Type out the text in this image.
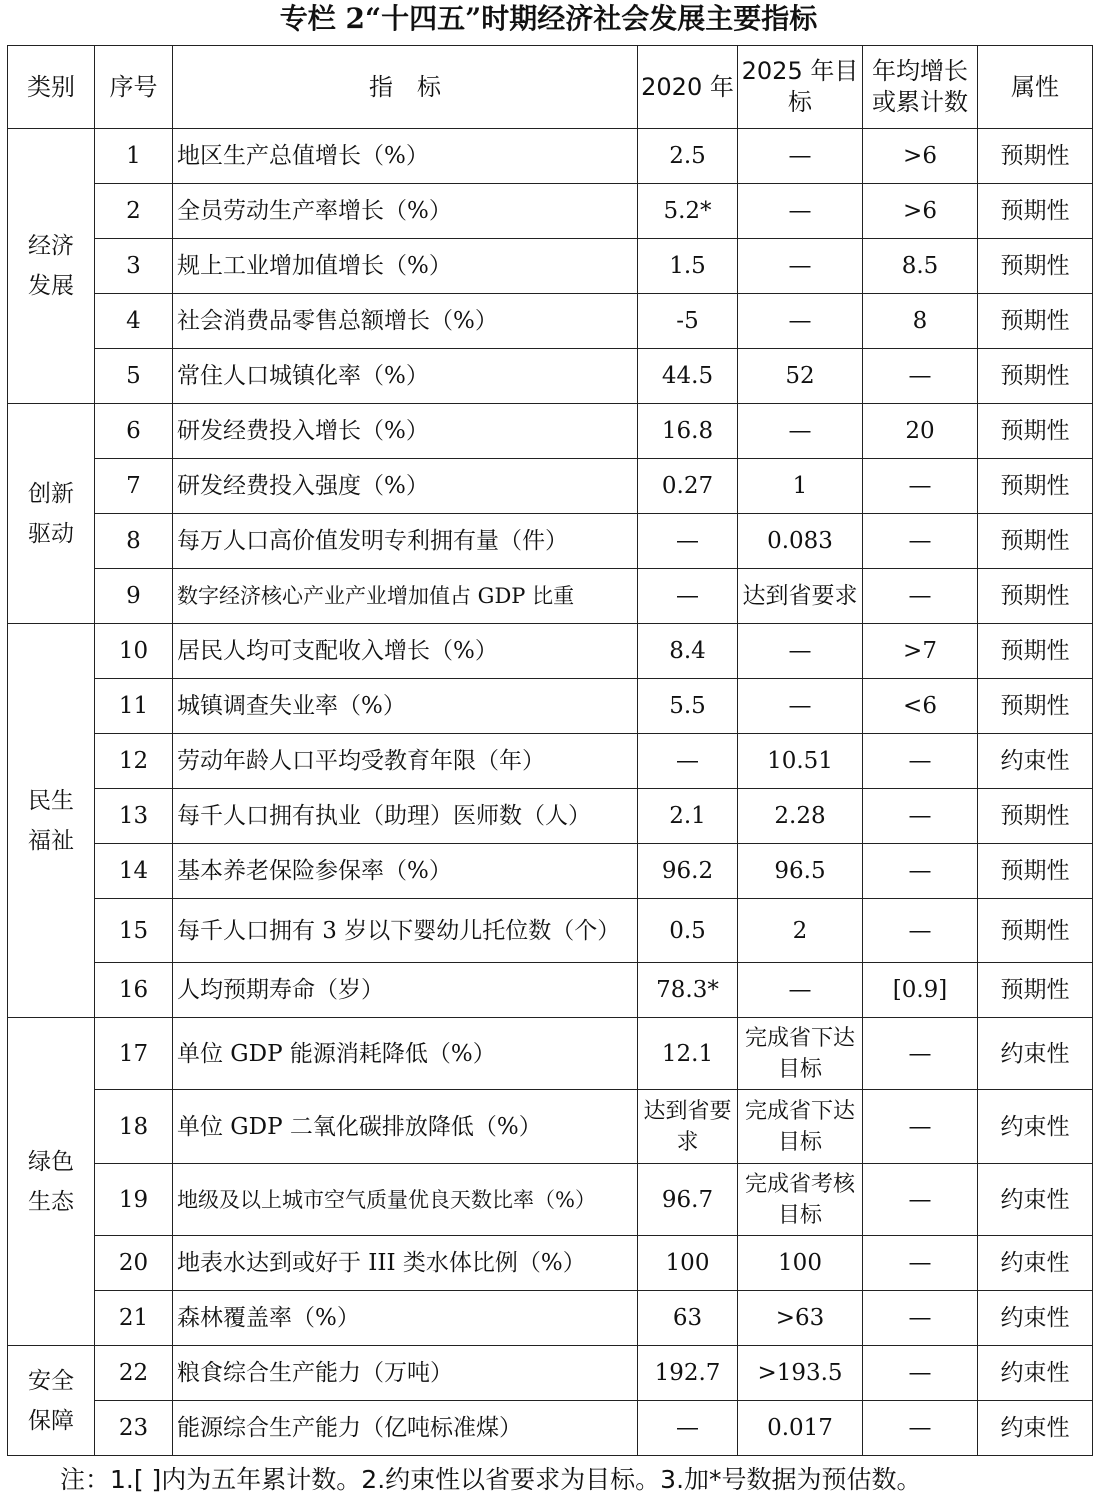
专栏 2“十四五”时期经济社会发展主要指标
类别	序号	指　标	2020 年	2025 年目标	年均增长或累计数	属性
经济发展	1	地区生产总值增长（%）	2.5	—	>6	预期性
	2	全员劳动生产率增长（%）	5.2*	—	>6	预期性
	3	规上工业增加值增长（%）	1.5	—	8.5	预期性
	4	社会消费品零售总额增长（%）	-5	—	8	预期性
	5	常住人口城镇化率（%）	44.5	52	—	预期性
创新驱动	6	研发经费投入增长（%）	16.8	—	20	预期性
	7	研发经费投入强度（%）	0.27	1	—	预期性
	8	每万人口高价值发明专利拥有量（件）	—	0.083	—	预期性
	9	数字经济核心产业产业增加值占 GDP 比重	—	达到省要求	—	预期性
民生福祉	10	居民人均可支配收入增长（%）	8.4	—	>7	预期性
	11	城镇调查失业率（%）	5.5	—	<6	预期性
	12	劳动年龄人口平均受教育年限（年）	—	10.51	—	约束性
	13	每千人口拥有执业（助理）医师数（人）	2.1	2.28	—	预期性
	14	基本养老保险参保率（%）	96.2	96.5	—	预期性
	15	每千人口拥有 3 岁以下婴幼儿托位数（个）	0.5	2	—	预期性
	16	人均预期寿命（岁）	78.3*	—	[0.9]	预期性
绿色生态	17	单位 GDP 能源消耗降低（%）	12.1	完成省下达目标	—	约束性
	18	单位 GDP 二氧化碳排放降低（%）	达到省要求	完成省下达目标	—	约束性
	19	地级及以上城市空气质量优良天数比率（%）	96.7	完成省考核目标	—	约束性
	20	地表水达到或好于 III 类水体比例（%）	100	100	—	约束性
	21	森林覆盖率（%）	63	>63	—	约束性
安全保障	22	粮食综合生产能力（万吨）	192.7	>193.5	—	约束性
	23	能源综合生产能力（亿吨标准煤）	—	0.017	—	约束性
注：1.[ ]内为五年累计数。2.约束性以省要求为目标。3.加*号数据为预估数。
